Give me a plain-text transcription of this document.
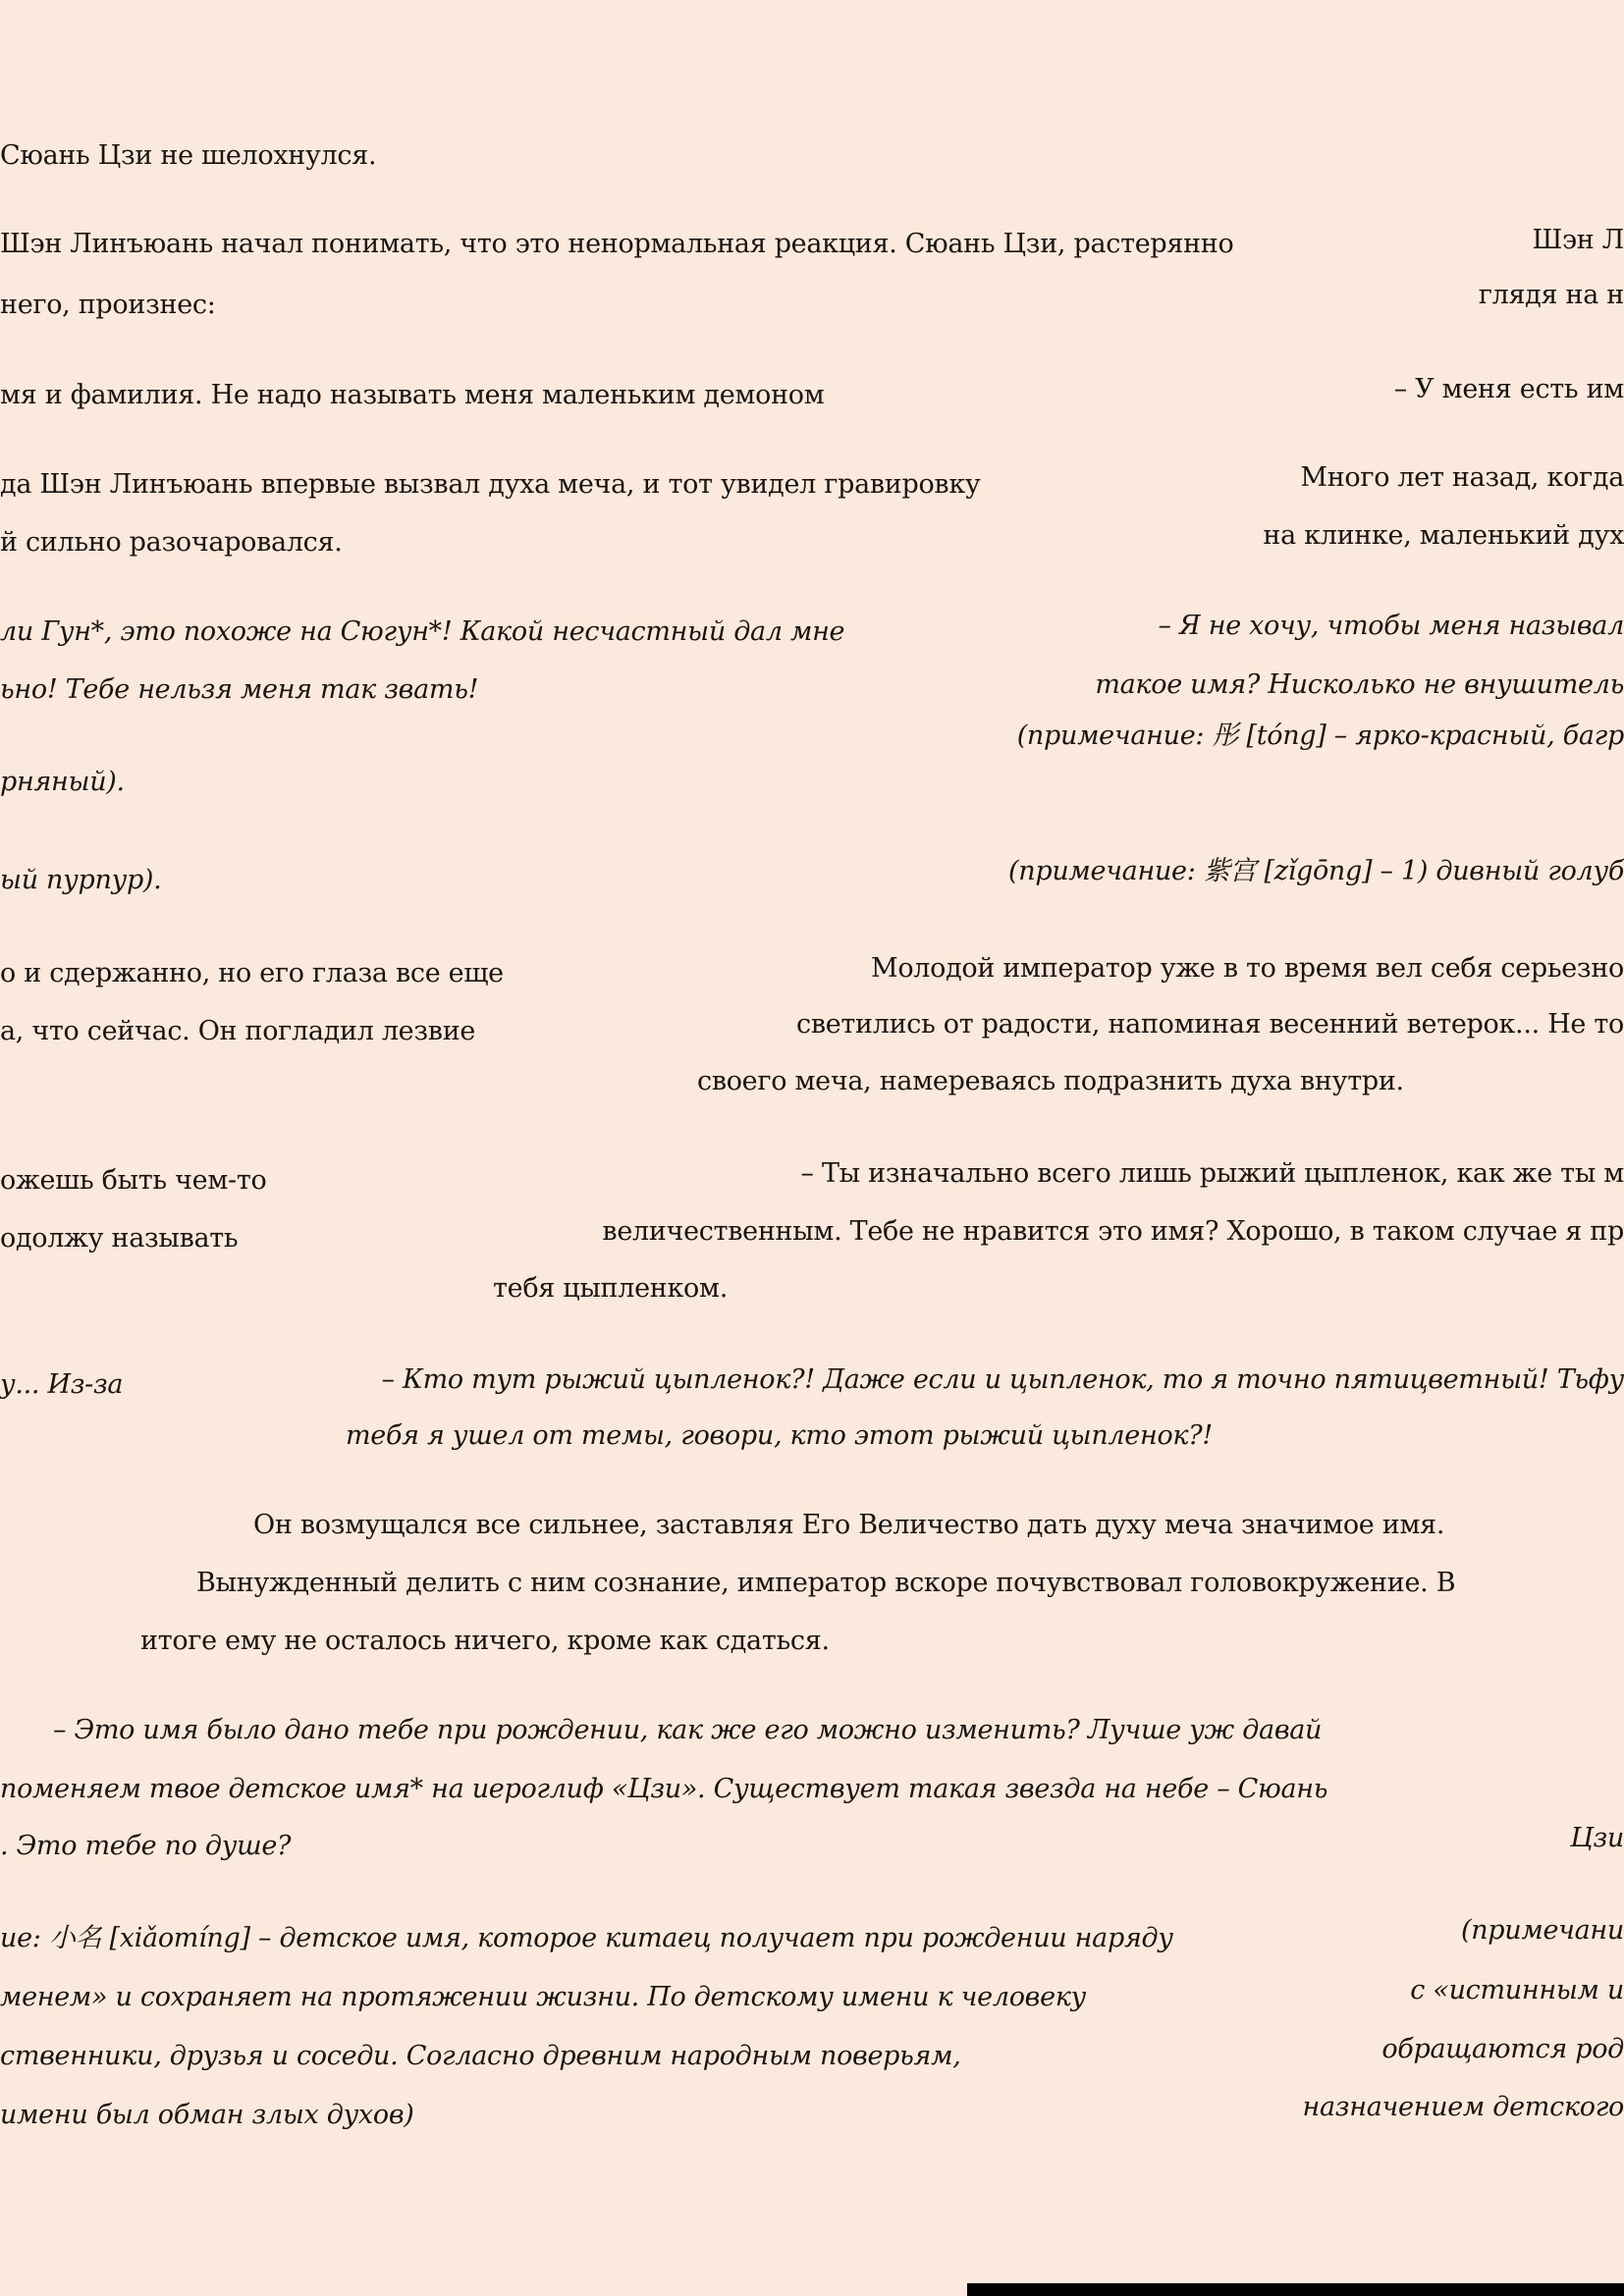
Сюань Цзи не шелохнулся.
Шэн Линъюань начал понимать, что это ненормальная реакция. Сюань Цзи, растерянно	Шэн Л
него, произнес:	глядя на н
мя и фамилия. Не надо называть меня маленьким демоном	– У меня есть им
да Шэн Линъюань впервые вызвал духа меча, и тот увидел гравировку	Много лет назад, когда
й сильно разочаровался.	на клинке, маленький дух
ли Гун*, это похоже на Сюгун*! Какой несчастный дал мне	– Я не хочу, чтобы меня называл
ьно! Тебе нельзя меня так звать!	такое имя? Нисколько не внушитель
рняный).
(примечание: 彤 [tóng] – ярко-красный, багр
ый пурпур).	(примечание: 紫宫 [zǐgōng] – 1) дивный голуб
о и сдержанно, но его глаза все еще	Молодой император уже в то время вел себя серьезно
а, что сейчас. Он погладил лезвие	светились от радости, напоминая весенний ветерок... Не то
своего меча, намереваясь подразнить духа внутри.
ожешь быть чем-то	– Ты изначально всего лишь рыжий цыпленок, как же ты м
одолжу называть	величественным. Тебе не нравится это имя? Хорошо, в таком случае я пр
тебя цыпленком.
у... Из-за	– Кто тут рыжий цыпленок?! Даже если и цыпленок, то я точно пятицветный! Тьфу
тебя я ушел от темы, говори, кто этот рыжий цыпленок?!
Он возмущался все сильнее, заставляя Его Величество дать духу меча значимое имя.
Вынужденный делить с ним сознание, император вскоре почувствовал головокружение. В
итоге ему не осталось ничего, кроме как сдаться.
– Это имя было дано тебе при рождении, как же его можно изменить? Лучше уж давай
поменяем твое детское имя* на иероглиф «Цзи». Существует такая звезда на небе – Сюань
. Это тебе по душе?	Цзи
ие: 小名 [xiǎomíng] – детское имя, которое китаец получает при рождении наряду	(примечани
менем» и сохраняет на протяжении жизни. По детскому имени к человеку	с «истинным и
ственники, друзья и соседи. Согласно древним народным поверьям,	обращаются род
имени был обман злых духов)	назначением детского
